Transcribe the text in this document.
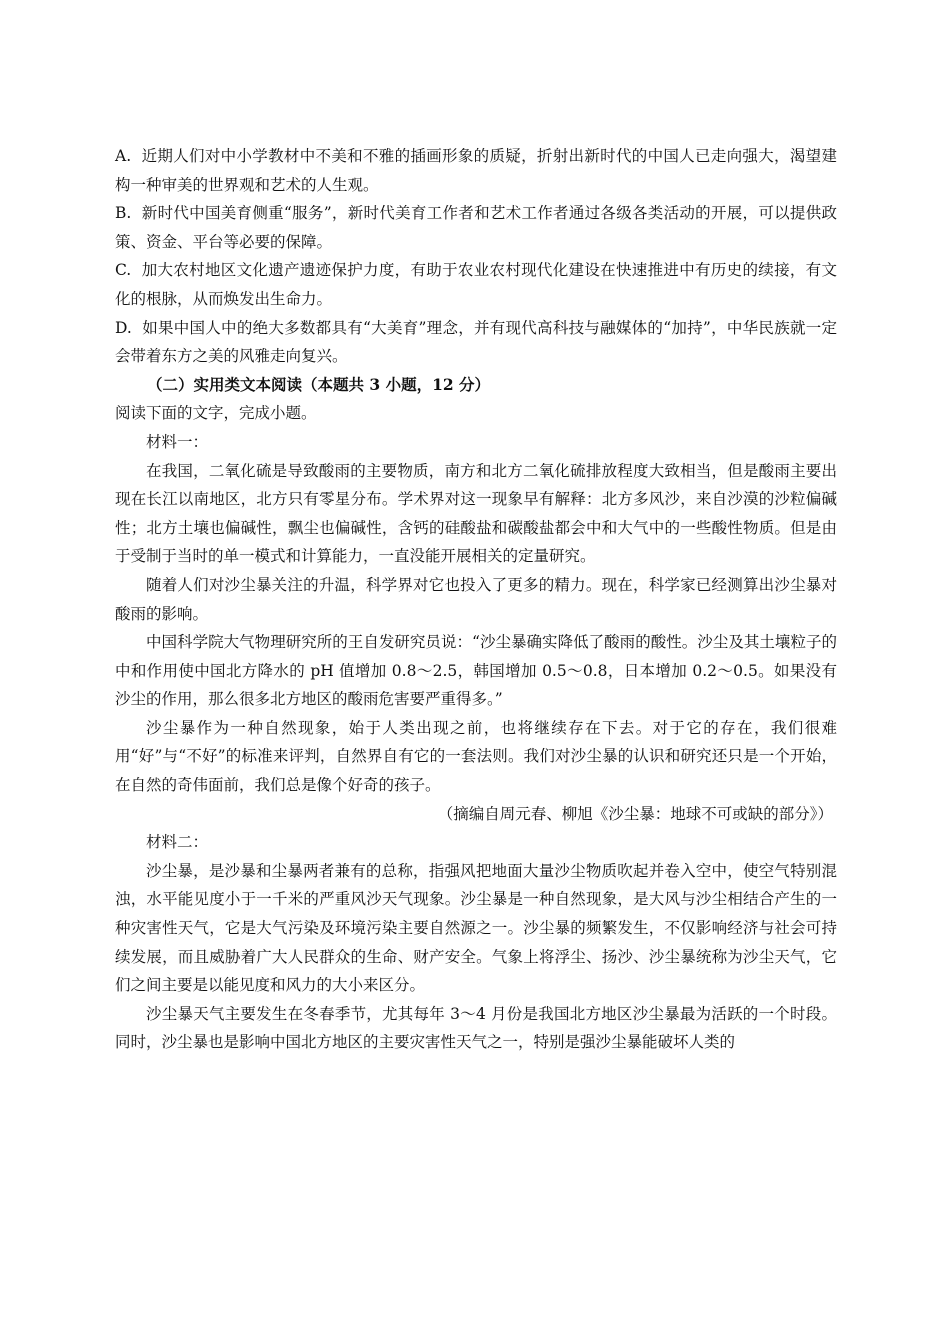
A. 近期人们对中小学教材中不美和不雅的插画形象的质疑，折射出新时代的中国人已走向强大，渴望建构一种审美的世界观和艺术的人生观。

B. 新时代中国美育侧重“服务”，新时代美育工作者和艺术工作者通过各级各类活动的开展，可以提供政策、资金、平台等必要的保障。

C. 加大农村地区文化遗产遗迹保护力度，有助于农业农村现代化建设在快速推进中有历史的续接，有文化的根脉，从而焕发出生命力。

D. 如果中国人中的绝大多数都具有“大美育”理念，并有现代高科技与融媒体的“加持”，中华民族就一定会带着东方之美的风雅走向复兴。

（二）实用类文本阅读（本题共 3 小题，12 分）

阅读下面的文字，完成小题。

材料一：

在我国，二氧化硫是导致酸雨的主要物质，南方和北方二氧化硫排放程度大致相当，但是酸雨主要出现在长江以南地区，北方只有零星分布。学术界对这一现象早有解释：北方多风沙，来自沙漠的沙粒偏碱性；北方土壤也偏碱性，飘尘也偏碱性，含钙的硅酸盐和碳酸盐都会中和大气中的一些酸性物质。但是由于受制于当时的单一模式和计算能力，一直没能开展相关的定量研究。

随着人们对沙尘暴关注的升温，科学界对它也投入了更多的精力。现在，科学家已经测算出沙尘暴对酸雨的影响。

中国科学院大气物理研究所的王自发研究员说：“沙尘暴确实降低了酸雨的酸性。沙尘及其土壤粒子的中和作用使中国北方降水的 pH 值增加 0.8～2.5，韩国增加 0.5～0.8，日本增加 0.2～0.5。如果没有沙尘的作用，那么很多北方地区的酸雨危害要严重得多。”

沙尘暴作为一种自然现象，始于人类出现之前，也将继续存在下去。对于它的存在，我们很难用“好”与“不好”的标准来评判，自然界自有它的一套法则。我们对沙尘暴的认识和研究还只是一个开始，在自然的奇伟面前，我们总是像个好奇的孩子。

（摘编自周元春、柳旭《沙尘暴：地球不可或缺的部分》）

材料二：

沙尘暴，是沙暴和尘暴两者兼有的总称，指强风把地面大量沙尘物质吹起并卷入空中，使空气特别混浊，水平能见度小于一千米的严重风沙天气现象。沙尘暴是一种自然现象，是大风与沙尘相结合产生的一种灾害性天气，它是大气污染及环境污染主要自然源之一。沙尘暴的频繁发生，不仅影响经济与社会可持续发展，而且威胁着广大人民群众的生命、财产安全。气象上将浮尘、扬沙、沙尘暴统称为沙尘天气，它们之间主要是以能见度和风力的大小来区分。

沙尘暴天气主要发生在冬春季节，尤其每年 3～4 月份是我国北方地区沙尘暴最为活跃的一个时段。同时，沙尘暴也是影响中国北方地区的主要灾害性天气之一，特别是强沙尘暴能破坏人类的
